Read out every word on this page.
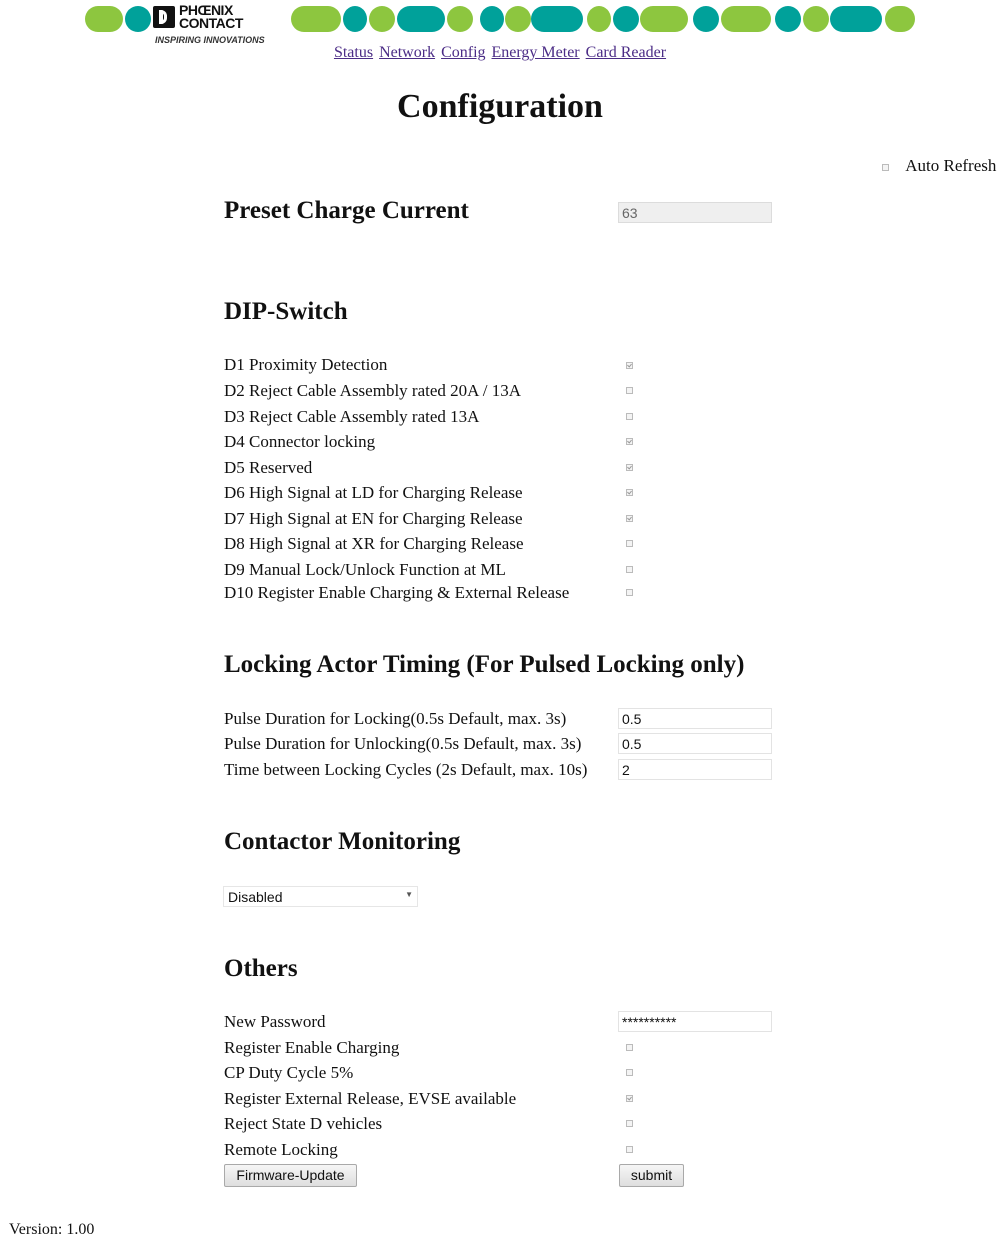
PHŒNIX
CONTACT
INSPIRING INNOVATIONS
Status Network Config Energy Meter Card Reader
Configuration
Auto Refresh
Preset Charge Current
63
DIP-Switch
D1 Proximity Detection
D2 Reject Cable Assembly rated 20A / 13A
D3 Reject Cable Assembly rated 13A
D4 Connector locking
D5 Reserved
D6 High Signal at LD for Charging Release
D7 High Signal at EN for Charging Release
D8 High Signal at XR for Charging Release
D9 Manual Lock/Unlock Function at ML
D10 Register Enable Charging & External Release
Locking Actor Timing (For Pulsed Locking only)
Pulse Duration for Locking(0.5s Default, max. 3s)
0.5
Pulse Duration for Unlocking(0.5s Default, max. 3s)
0.5
Time between Locking Cycles (2s Default, max. 10s)
2
Contactor Monitoring
Disabled	▼
Others
New Password
**********
Register Enable Charging
CP Duty Cycle 5%
Register External Release, EVSE available
Reject State D vehicles
Remote Locking
Firmware-Update	submit
Version: 1.00
